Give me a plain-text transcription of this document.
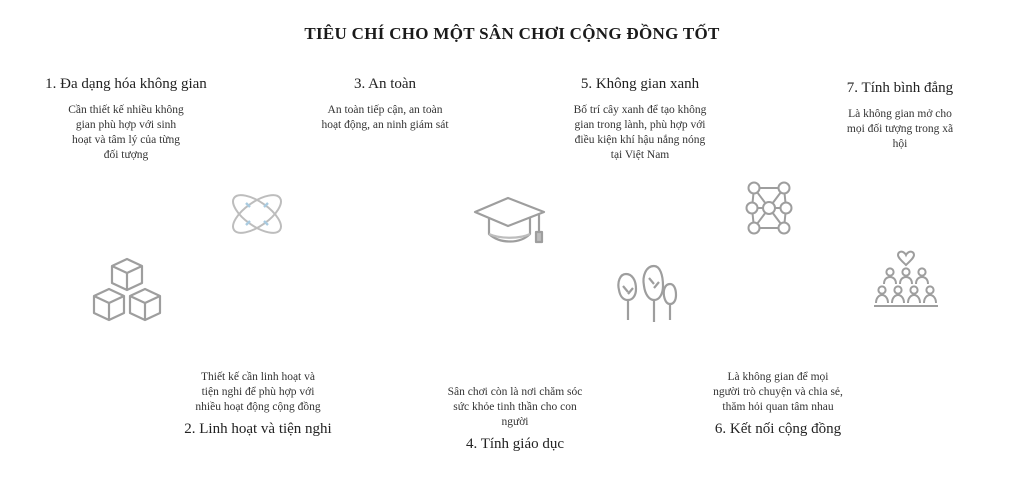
TIÊU CHÍ CHO MỘT SÂN CHƠI CỘNG ĐỒNG TỐT
1. Đa dạng hóa không gian
Cần thiết kế nhiều không gian phù hợp với sinh hoạt và tâm lý của từng đối tượng
3. An toàn
An toàn tiếp cận, an toàn hoạt động, an ninh giám sát
5. Không gian xanh
Bố trí cây xanh để tạo không gian trong lành, phù hợp với điều kiện khí hậu nắng nóng tại Việt Nam
7. Tính bình đẳng
Là không gian mở cho mọi đối tượng trong xã hội
Thiết kế cần linh hoạt và tiện nghi để phù hợp với nhiều hoạt động cộng đồng
2. Linh hoạt và tiện nghi
Sân chơi còn là nơi chăm sóc sức khỏe tinh thần cho con người
4. Tính giáo dục
Là không gian để mọi người trò chuyện và chia sẻ, thăm hỏi quan tâm nhau
6. Kết nối cộng đồng
